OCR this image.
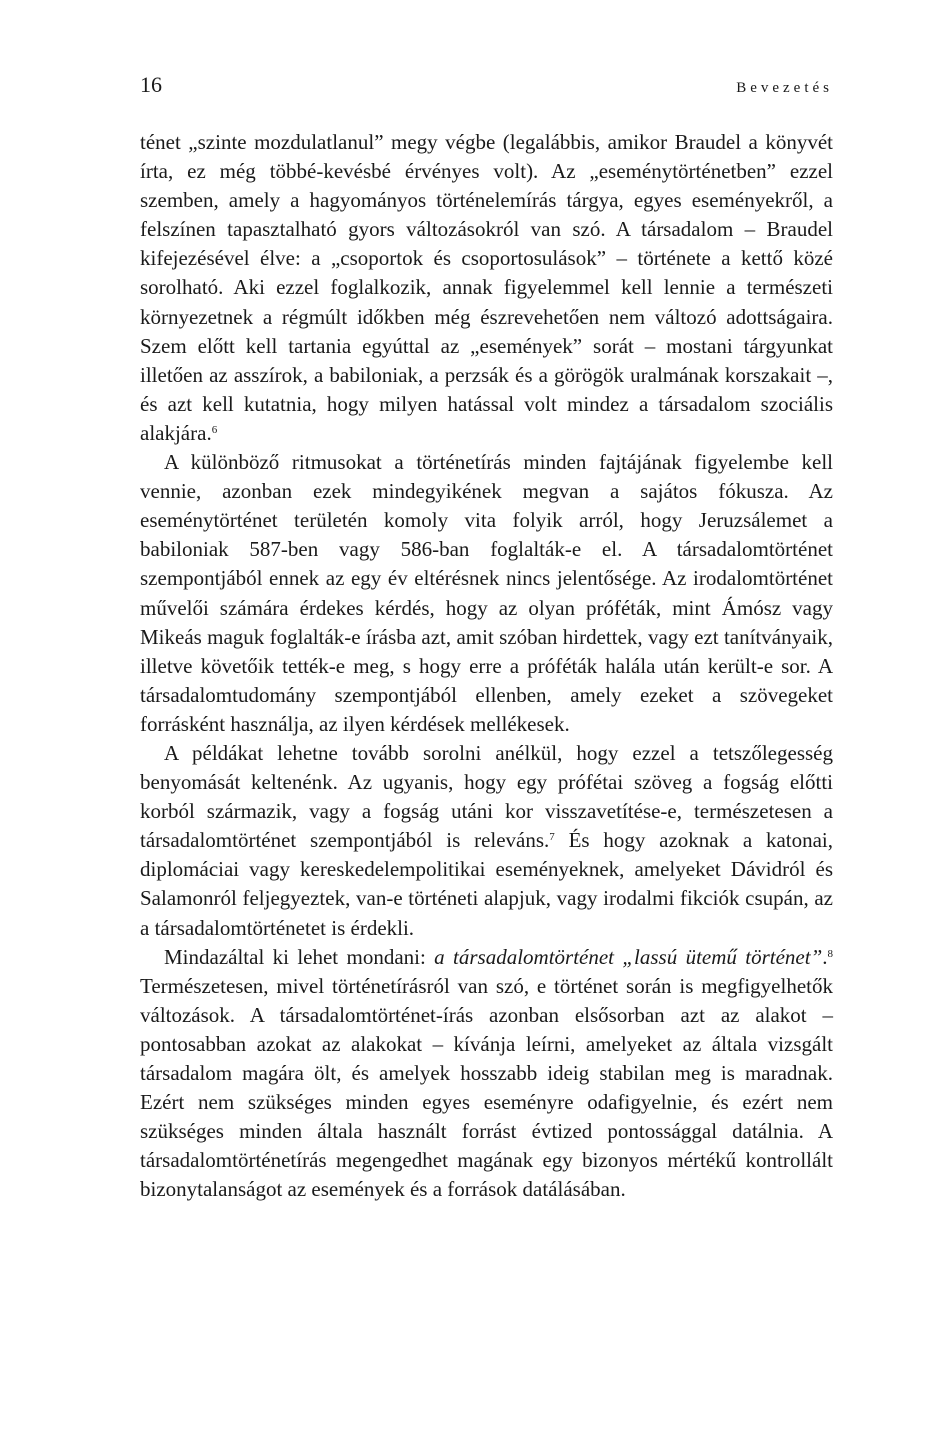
16	Bevezetés

ténet „szinte mozdulatlanul” megy végbe (legalábbis, amikor Braudel a könyvét írta, ez még többé-kevésbé érvényes volt). Az „eseménytörténetben” ezzel szemben, amely a hagyományos történelemírás tárgya, egyes eseményekről, a felszínen tapasztalható gyors változásokról van szó. A társadalom – Braudel kifejezésével élve: a „csoportok és csoportosulások” – története a kettő közé sorolható. Aki ezzel foglalkozik, annak figyelemmel kell lennie a természeti környezetnek a régmúlt időkben még észrevehetően nem változó adottságaira. Szem előtt kell tartania egyúttal az „események” sorát – mostani tárgyunkat illetően az asszírok, a babiloniak, a perzsák és a görögök uralmának korszakait –, és azt kell kutatnia, hogy milyen hatással volt mindez a társadalom szociális alakjára.$^6$

A különböző ritmusokat a történetírás minden fajtájának figyelembe kell vennie, azonban ezek mindegyikének megvan a sajátos fókusza. Az eseménytörténet területén komoly vita folyik arról, hogy Jeruzsálemet a babiloniak 587-ben vagy 586-ban foglalták-e el. A társadalomtörténet szempontjából ennek az egy év eltérésnek nincs jelentősége. Az irodalomtörténet művelői számára érdekes kérdés, hogy az olyan próféták, mint Ámósz vagy Mikeás maguk foglalták-e írásba azt, amit szóban hirdettek, vagy ezt tanítványaik, illetve követőik tették-e meg, s hogy erre a próféták halála után került-e sor. A társadalomtudomány szempontjából ellenben, amely ezeket a szövegeket forrásként használja, az ilyen kérdések mellékesek.

A példákat lehetne tovább sorolni anélkül, hogy ezzel a tetszőlegesség benyomását keltenénk. Az ugyanis, hogy egy prófétai szöveg a fogság előtti korból származik, vagy a fogság utáni kor visszavetítése-e, természetesen a társadalomtörténet szempontjából is releváns.$^7$ És hogy azoknak a katonai, diplomáciai vagy kereskedelempolitikai eseményeknek, amelyeket Dávidról és Salamonról feljegyeztek, van-e történeti alapjuk, vagy irodalmi fikciók csupán, az a társadalomtörténetet is érdekli.

Mindazáltal ki lehet mondani: a társadalomtörténet „lassú ütemű történet”.$^8$ Természetesen, mivel történetírásról van szó, e történet során is megfigyelhetők változások. A társadalomtörténet-írás azonban elsősorban azt az alakot – pontosabban azokat az alakokat – kívánja leírni, amelyeket az általa vizsgált társadalom magára ölt, és amelyek hosszabb ideig stabilan meg is maradnak. Ezért nem szükséges minden egyes eseményre odafigyelnie, és ezért nem szükséges minden általa használt forrást évtized pontossággal datálnia. A társadalomtörténetírás megengedhet magának egy bizonyos mértékű kontrollált bizonytalanságot az események és a források datálásában.
